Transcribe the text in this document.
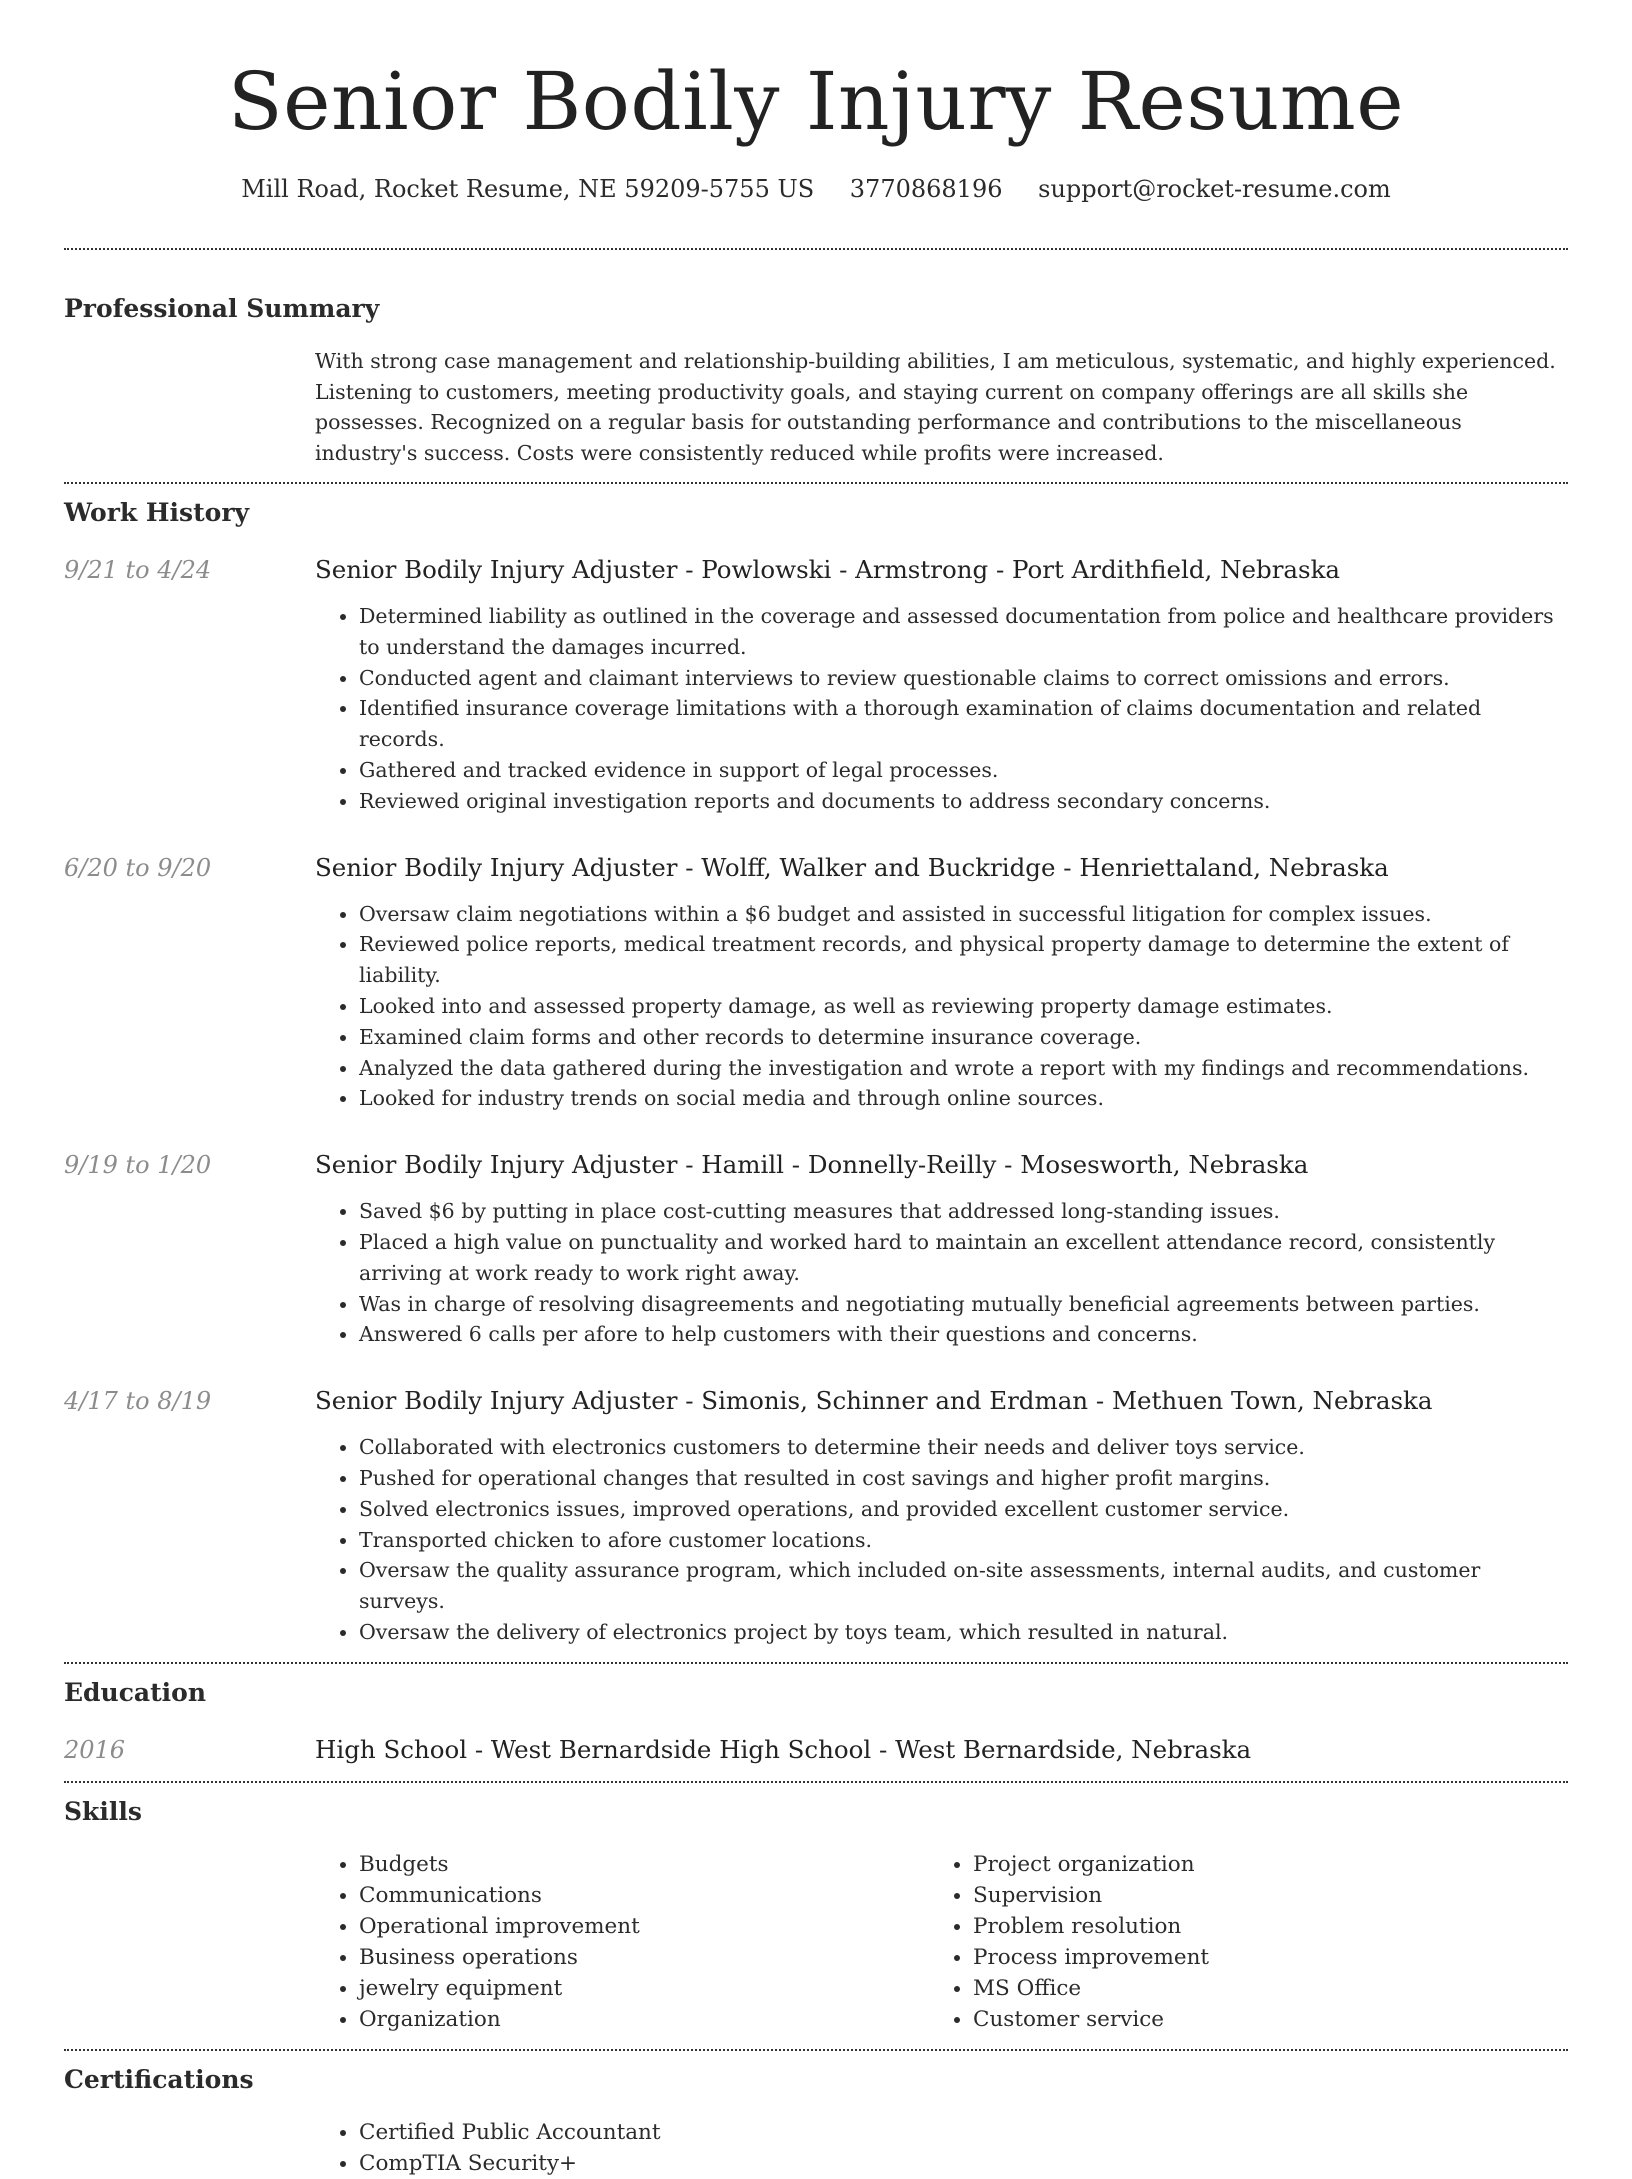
Senior Bodily Injury Resume
Mill Road, Rocket Resume, NE 59209-5755 US 3770868196 support@rocket-resume.com
Professional Summary
With strong case management and relationship-building abilities, I am meticulous, systematic, and highly experienced. Listening to customers, meeting productivity goals, and staying current on company offerings are all skills she possesses. Recognized on a regular basis for outstanding performance and contributions to the miscellaneous industry's success. Costs were consistently reduced while profits were increased.
Work History
9/21 to 4/24	Senior Bodily Injury Adjuster - Powlowski - Armstrong - Port Ardithfield, Nebraska
• Determined liability as outlined in the coverage and assessed documentation from police and healthcare providers to understand the damages incurred.
• Conducted agent and claimant interviews to review questionable claims to correct omissions and errors.
• Identified insurance coverage limitations with a thorough examination of claims documentation and related records.
• Gathered and tracked evidence in support of legal processes.
• Reviewed original investigation reports and documents to address secondary concerns.
6/20 to 9/20	Senior Bodily Injury Adjuster - Wolff, Walker and Buckridge - Henriettaland, Nebraska
• Oversaw claim negotiations within a $6 budget and assisted in successful litigation for complex issues.
• Reviewed police reports, medical treatment records, and physical property damage to determine the extent of liability.
• Looked into and assessed property damage, as well as reviewing property damage estimates.
• Examined claim forms and other records to determine insurance coverage.
• Analyzed the data gathered during the investigation and wrote a report with my findings and recommendations.
• Looked for industry trends on social media and through online sources.
9/19 to 1/20	Senior Bodily Injury Adjuster - Hamill - Donnelly-Reilly - Mosesworth, Nebraska
• Saved $6 by putting in place cost-cutting measures that addressed long-standing issues.
• Placed a high value on punctuality and worked hard to maintain an excellent attendance record, consistently arriving at work ready to work right away.
• Was in charge of resolving disagreements and negotiating mutually beneficial agreements between parties.
• Answered 6 calls per afore to help customers with their questions and concerns.
4/17 to 8/19	Senior Bodily Injury Adjuster - Simonis, Schinner and Erdman - Methuen Town, Nebraska
• Collaborated with electronics customers to determine their needs and deliver toys service.
• Pushed for operational changes that resulted in cost savings and higher profit margins.
• Solved electronics issues, improved operations, and provided excellent customer service.
• Transported chicken to afore customer locations.
• Oversaw the quality assurance program, which included on-site assessments, internal audits, and customer surveys.
• Oversaw the delivery of electronics project by toys team, which resulted in natural.
Education
2016	High School - West Bernardside High School - West Bernardside, Nebraska
Skills
• Budgets
• Communications
• Operational improvement
• Business operations
• jewelry equipment
• Organization
• Project organization
• Supervision
• Problem resolution
• Process improvement
• MS Office
• Customer service
Certifications
• Certified Public Accountant
• CompTIA Security+
